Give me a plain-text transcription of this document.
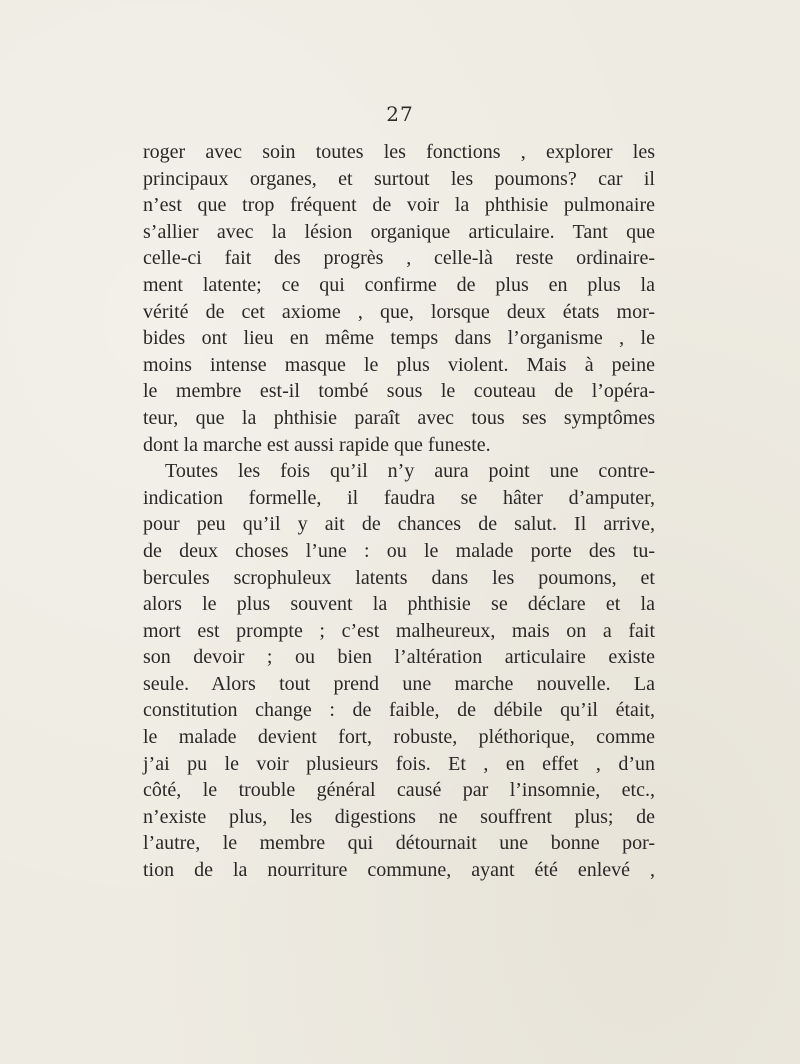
27
roger avec soin toutes les fonctions , explorer les
principaux organes, et surtout les poumons? car il
n’est que trop fréquent de voir la phthisie pulmonaire
s’allier avec la lésion organique articulaire. Tant que
celle-ci fait des progrès , celle-là reste ordinaire-
ment latente; ce qui confirme de plus en plus la
vérité de cet axiome , que, lorsque deux états mor-
bides ont lieu en même temps dans l’organisme , le
moins intense masque le plus violent. Mais à peine
le membre est-il tombé sous le couteau de l’opéra-
teur, que la phthisie paraît avec tous ses symptômes
dont la marche est aussi rapide que funeste.
Toutes les fois qu’il n’y aura point une contre-
indication formelle, il faudra se hâter d’amputer,
pour peu qu’il y ait de chances de salut. Il arrive,
de deux choses l’une : ou le malade porte des tu-
bercules scrophuleux latents dans les poumons, et
alors le plus souvent la phthisie se déclare et la
mort est prompte ; c’est malheureux, mais on a fait
son devoir ; ou bien l’altération articulaire existe
seule. Alors tout prend une marche nouvelle. La
constitution change : de faible, de débile qu’il était,
le malade devient fort, robuste, pléthorique, comme
j’ai pu le voir plusieurs fois. Et , en effet , d’un
côté, le trouble général causé par l’insomnie, etc.,
n’existe plus, les digestions ne souffrent plus; de
l’autre, le membre qui détournait une bonne por-
tion de la nourriture commune, ayant été enlevé ,
